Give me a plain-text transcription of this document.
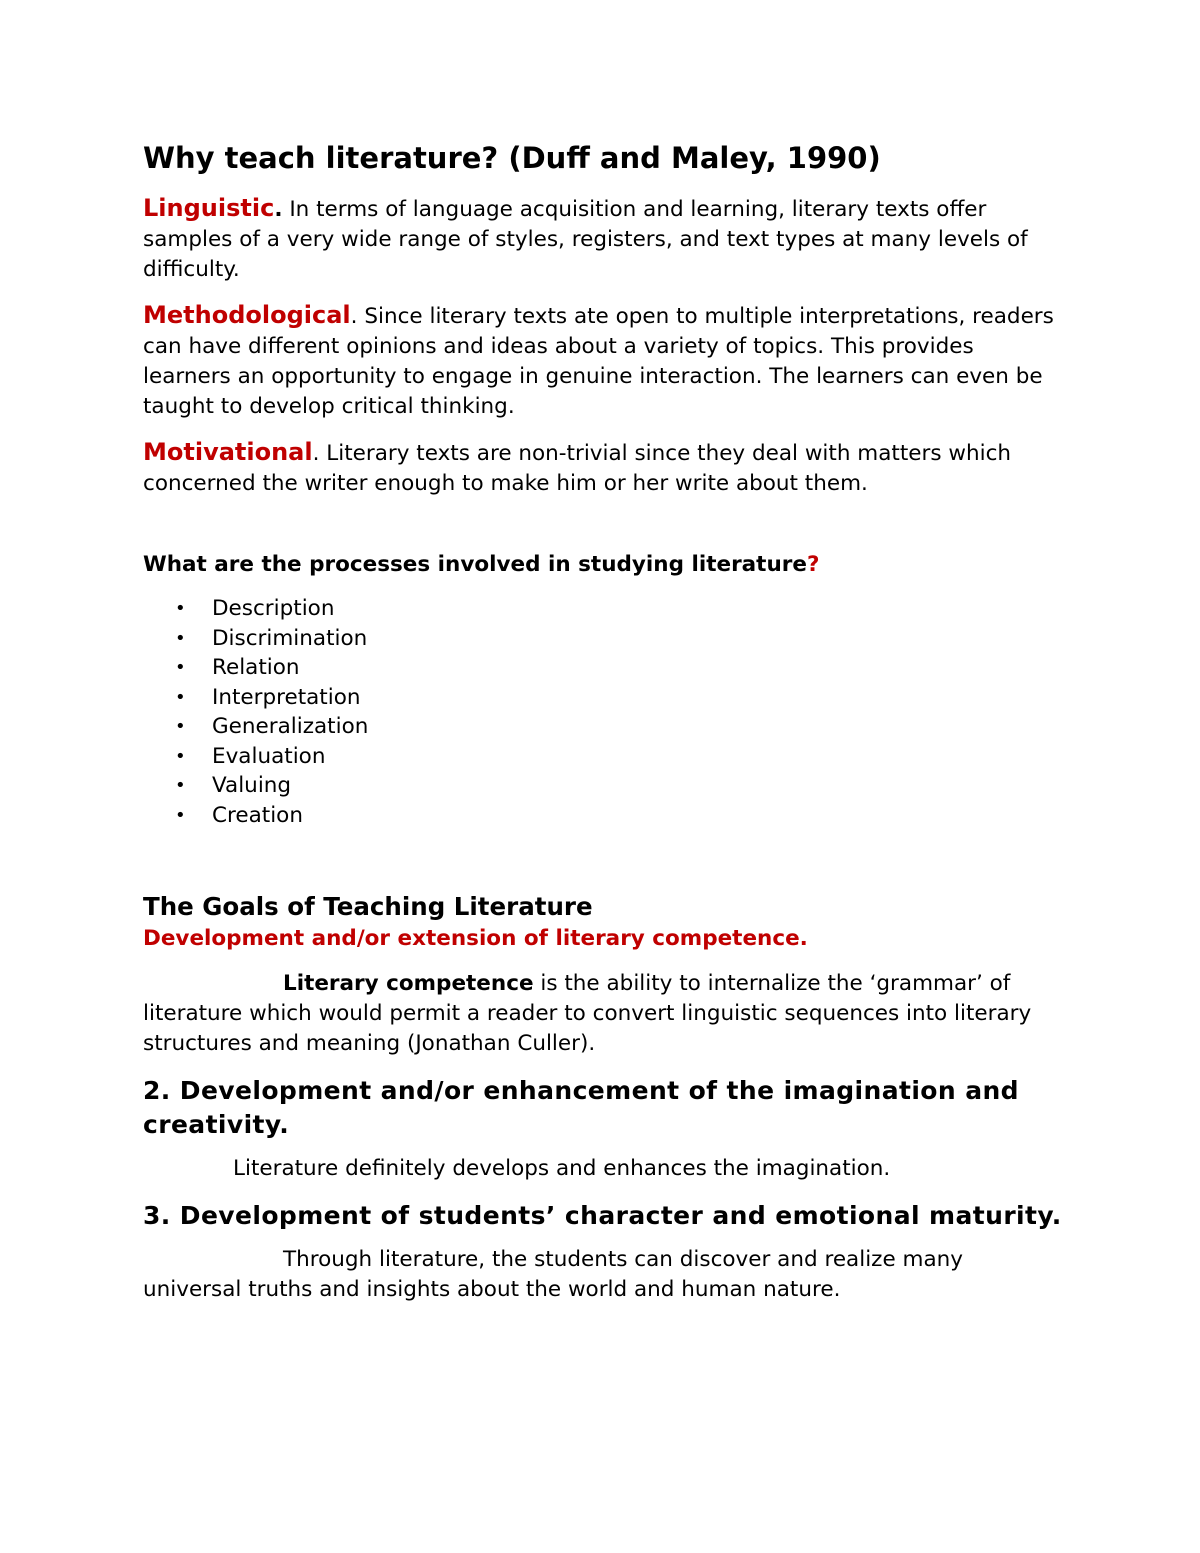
Why teach literature? (Duff and Maley, 1990)

Linguistic. In terms of language acquisition and learning, literary texts offer samples of a very wide range of styles, registers, and text types at many levels of difficulty.

Methodological. Since literary texts ate open to multiple interpretations, readers can have different opinions and ideas about a variety of topics. This provides learners an opportunity to engage in genuine interaction. The learners can even be taught to develop critical thinking.

Motivational. Literary texts are non-trivial since they deal with matters which concerned the writer enough to make him or her write about them.

What are the processes involved in studying literature?
• Description
• Discrimination
• Relation
• Interpretation
• Generalization
• Evaluation
• Valuing
• Creation
The Goals of Teaching Literature
Development and/or extension of literary competence.

Literary competence is the ability to internalize the ‘grammar’ of literature which would permit a reader to convert linguistic sequences into literary structures and meaning (Jonathan Culler).

2. Development and/or enhancement of the imagination and creativity.

Literature definitely develops and enhances the imagination.

3. Development of students’ character and emotional maturity.

Through literature, the students can discover and realize many universal truths and insights about the world and human nature.
